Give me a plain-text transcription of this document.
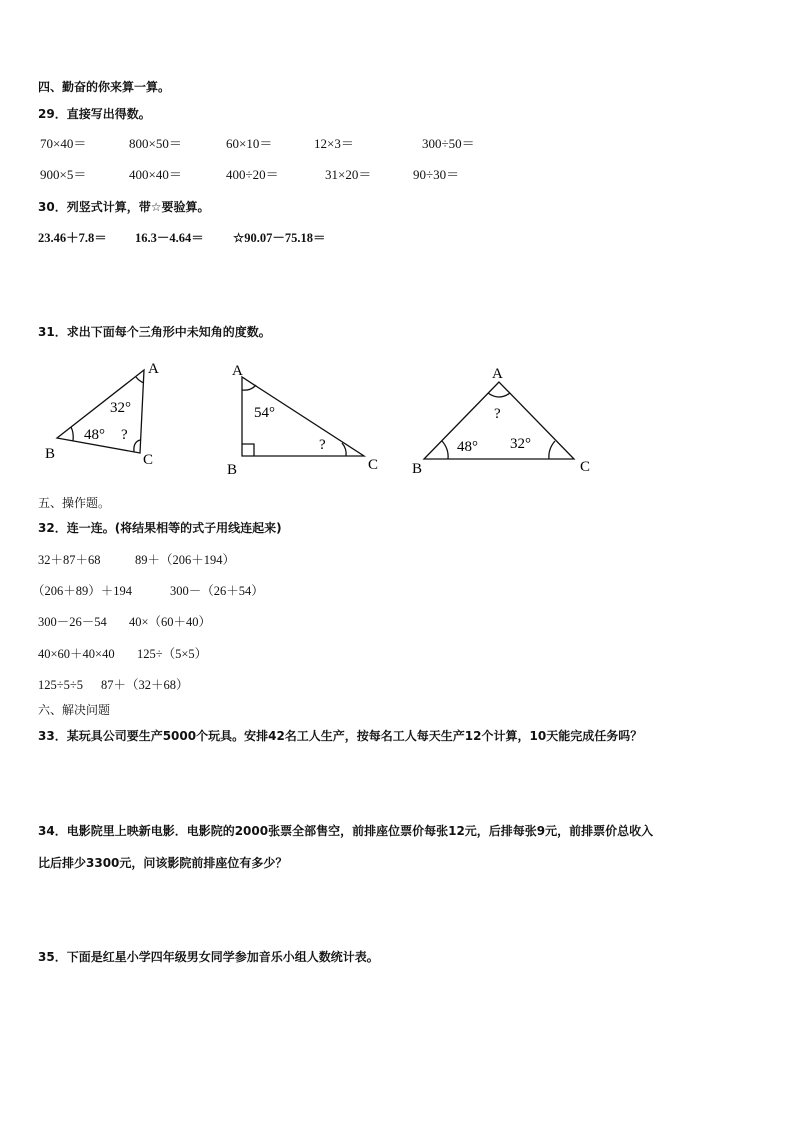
四、勤奋的你来算一算。
29．直接写出得数。
70×40＝	800×50＝	60×10＝	12×3＝	300÷50＝
900×5＝	400×40＝	400÷20＝	31×20＝	90÷30＝
30．列竖式计算，带☆要验算。
23.46＋7.8＝ 16.3－4.64＝ ☆90.07－75.18＝
31．求出下面每个三角形中未知角的度数。
A
B	C
32°
48° ?
A
B	C
54°
?
A
B	C
?
48° 32°
五、操作题。
32．连一连。(将结果相等的式子用线连起来)
32＋87＋68	89＋（206＋194）
（206＋89）＋194	300－（26＋54）
300－26－54 40×（60＋40）
40×60＋40×40 125÷（5×5）
125÷5÷5 87＋（32＋68）
六、解决问题
33．某玩具公司要生产5000个玩具。安排42名工人生产，按每名工人每天生产12个计算，10天能完成任务吗？
34．电影院里上映新电影．电影院的2000张票全部售空，前排座位票价每张12元，后排每张9元，前排票价总收入
比后排少3300元，问该影院前排座位有多少？
35．下面是红星小学四年级男女同学参加音乐小组人数统计表。
